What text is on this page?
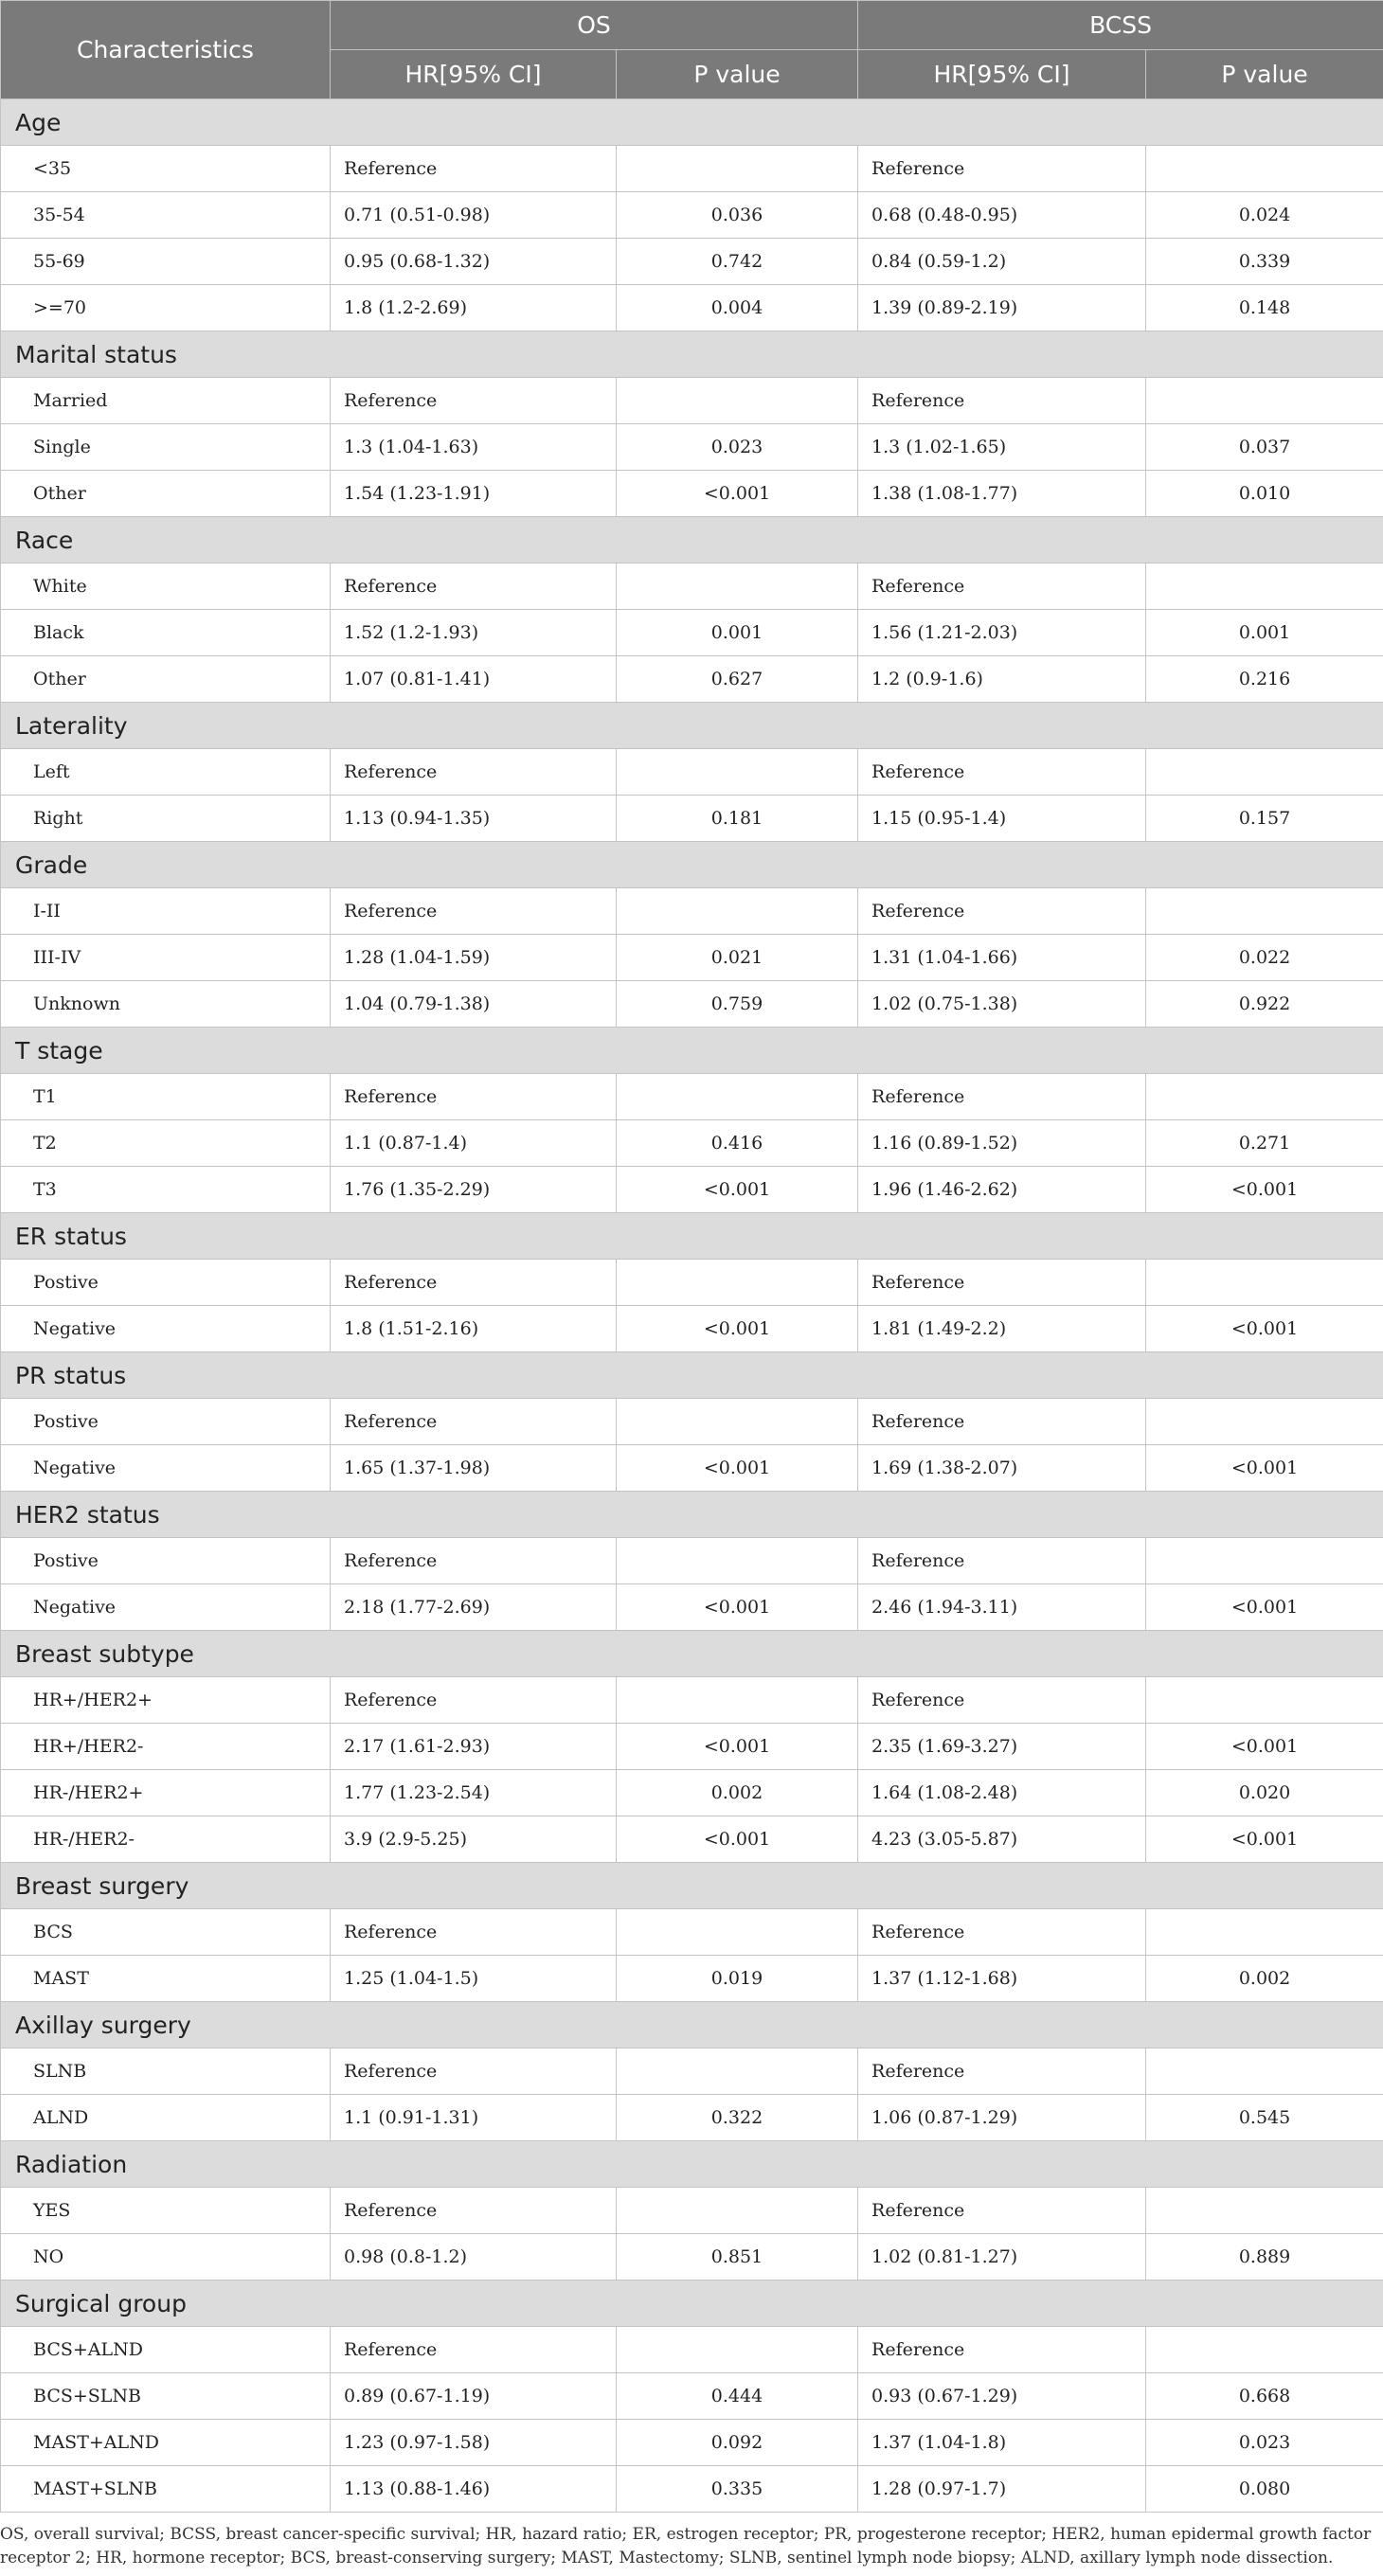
Characteristics	OS		BCSS	
	HR[95% CI]	P value	HR[95% CI]	P value
Age				
<35	Reference		Reference	
35-54	0.71 (0.51-0.98)	0.036	0.68 (0.48-0.95)	0.024
55-69	0.95 (0.68-1.32)	0.742	0.84 (0.59-1.2)	0.339
>=70	1.8 (1.2-2.69)	0.004	1.39 (0.89-2.19)	0.148
Marital status				
Married	Reference		Reference	
Single	1.3 (1.04-1.63)	0.023	1.3 (1.02-1.65)	0.037
Other	1.54 (1.23-1.91)	<0.001	1.38 (1.08-1.77)	0.010
Race				
White	Reference		Reference	
Black	1.52 (1.2-1.93)	0.001	1.56 (1.21-2.03)	0.001
Other	1.07 (0.81-1.41)	0.627	1.2 (0.9-1.6)	0.216
Laterality				
Left	Reference		Reference	
Right	1.13 (0.94-1.35)	0.181	1.15 (0.95-1.4)	0.157
Grade				
I-II	Reference		Reference	
III-IV	1.28 (1.04-1.59)	0.021	1.31 (1.04-1.66)	0.022
Unknown	1.04 (0.79-1.38)	0.759	1.02 (0.75-1.38)	0.922
T stage				
T1	Reference		Reference	
T2	1.1 (0.87-1.4)	0.416	1.16 (0.89-1.52)	0.271
T3	1.76 (1.35-2.29)	<0.001	1.96 (1.46-2.62)	<0.001
ER status				
Postive	Reference		Reference	
Negative	1.8 (1.51-2.16)	<0.001	1.81 (1.49-2.2)	<0.001
PR status				
Postive	Reference		Reference	
Negative	1.65 (1.37-1.98)	<0.001	1.69 (1.38-2.07)	<0.001
HER2 status				
Postive	Reference		Reference	
Negative	2.18 (1.77-2.69)	<0.001	2.46 (1.94-3.11)	<0.001
Breast subtype				
HR+/HER2+	Reference		Reference	
HR+/HER2-	2.17 (1.61-2.93)	<0.001	2.35 (1.69-3.27)	<0.001
HR-/HER2+	1.77 (1.23-2.54)	0.002	1.64 (1.08-2.48)	0.020
HR-/HER2-	3.9 (2.9-5.25)	<0.001	4.23 (3.05-5.87)	<0.001
Breast surgery				
BCS	Reference		Reference	
MAST	1.25 (1.04-1.5)	0.019	1.37 (1.12-1.68)	0.002
Axillay surgery				
SLNB	Reference		Reference	
ALND	1.1 (0.91-1.31)	0.322	1.06 (0.87-1.29)	0.545
Radiation				
YES	Reference		Reference	
NO	0.98 (0.8-1.2)	0.851	1.02 (0.81-1.27)	0.889
Surgical group				
BCS+ALND	Reference		Reference	
BCS+SLNB	0.89 (0.67-1.19)	0.444	0.93 (0.67-1.29)	0.668
MAST+ALND	1.23 (0.97-1.58)	0.092	1.37 (1.04-1.8)	0.023
MAST+SLNB	1.13 (0.88-1.46)	0.335	1.28 (0.97-1.7)	0.080
OS, overall survival; BCSS, breast cancer-specific survival; HR, hazard ratio; ER, estrogen receptor; PR, progesterone receptor; HER2, human epidermal growth factor receptor 2; HR, hormone receptor; BCS, breast-conserving surgery; MAST, Mastectomy; SLNB, sentinel lymph node biopsy; ALND, axillary lymph node dissection.
